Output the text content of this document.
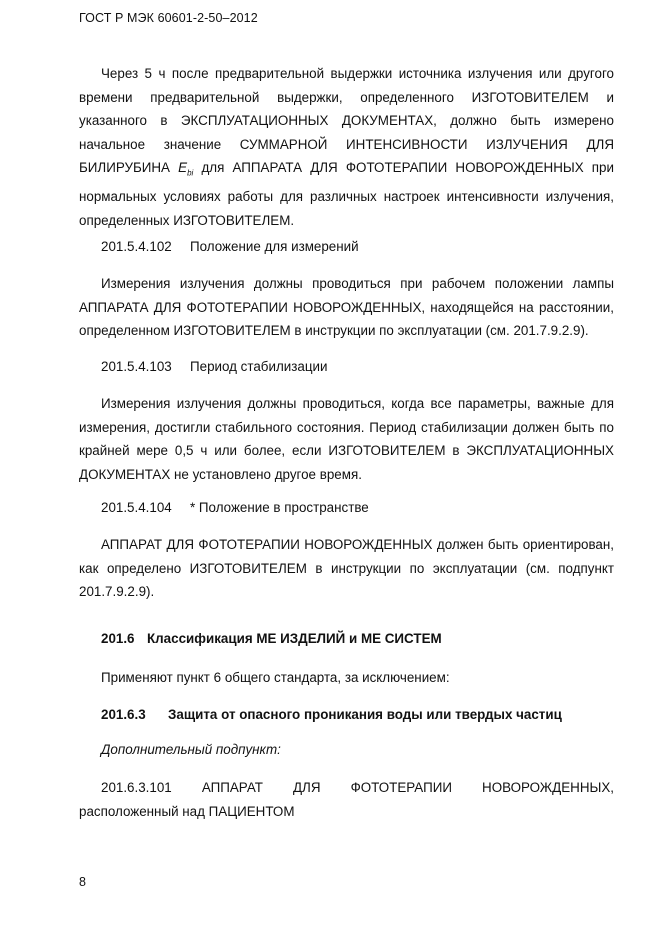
ГОСТ Р МЭК 60601-2-50–2012

Через 5 ч после предварительной выдержки источника излучения или другого времени предварительной выдержки, определенного ИЗГОТОВИТЕЛЕМ и указанного в ЭКСПЛУАТАЦИОННЫХ ДОКУМЕНТАХ, должно быть измерено начальное значение СУММАРНОЙ ИНТЕНСИВНОСТИ ИЗЛУЧЕНИЯ ДЛЯ БИЛИРУБИНА $E_{bi}$ для АППАРАТА ДЛЯ ФОТОТЕРАПИИ НОВОРОЖДЕННЫХ при нормальных условиях работы для различных настроек интенсивности излучения, определенных ИЗГОТОВИТЕЛЕМ.

201.5.4.102 Положение для измерений

Измерения излучения должны проводиться при рабочем положении лампы АППАРАТА ДЛЯ ФОТОТЕРАПИИ НОВОРОЖДЕННЫХ, находящейся на расстоянии, определенном ИЗГОТОВИТЕЛЕМ в инструкции по эксплуатации (см. 201.7.9.2.9).

201.5.4.103 Период стабилизации

Измерения излучения должны проводиться, когда все параметры, важные для измерения, достигли стабильного состояния. Период стабилизации должен быть по крайней мере 0,5 ч или более, если ИЗГОТОВИТЕЛЕМ в ЭКСПЛУАТАЦИОННЫХ ДОКУМЕНТАХ не установлено другое время.

201.5.4.104 * Положение в пространстве

АППАРАТ ДЛЯ ФОТОТЕРАПИИ НОВОРОЖДЕННЫХ должен быть ориентирован, как определено ИЗГОТОВИТЕЛЕМ в инструкции по эксплуатации (см. подпункт 201.7.9.2.9).

201.6 Классификация МЕ ИЗДЕЛИЙ и МЕ СИСТЕМ
Применяют пункт 6 общего стандарта, за исключением:
201.6.3 Защита от опасного проникания воды или твердых частиц
Дополнительный подпункт:
201.6.3.101 АППАРАТ ДЛЯ ФОТОТЕРАПИИ НОВОРОЖДЕННЫХ,
расположенный над ПАЦИЕНТОМ
8
